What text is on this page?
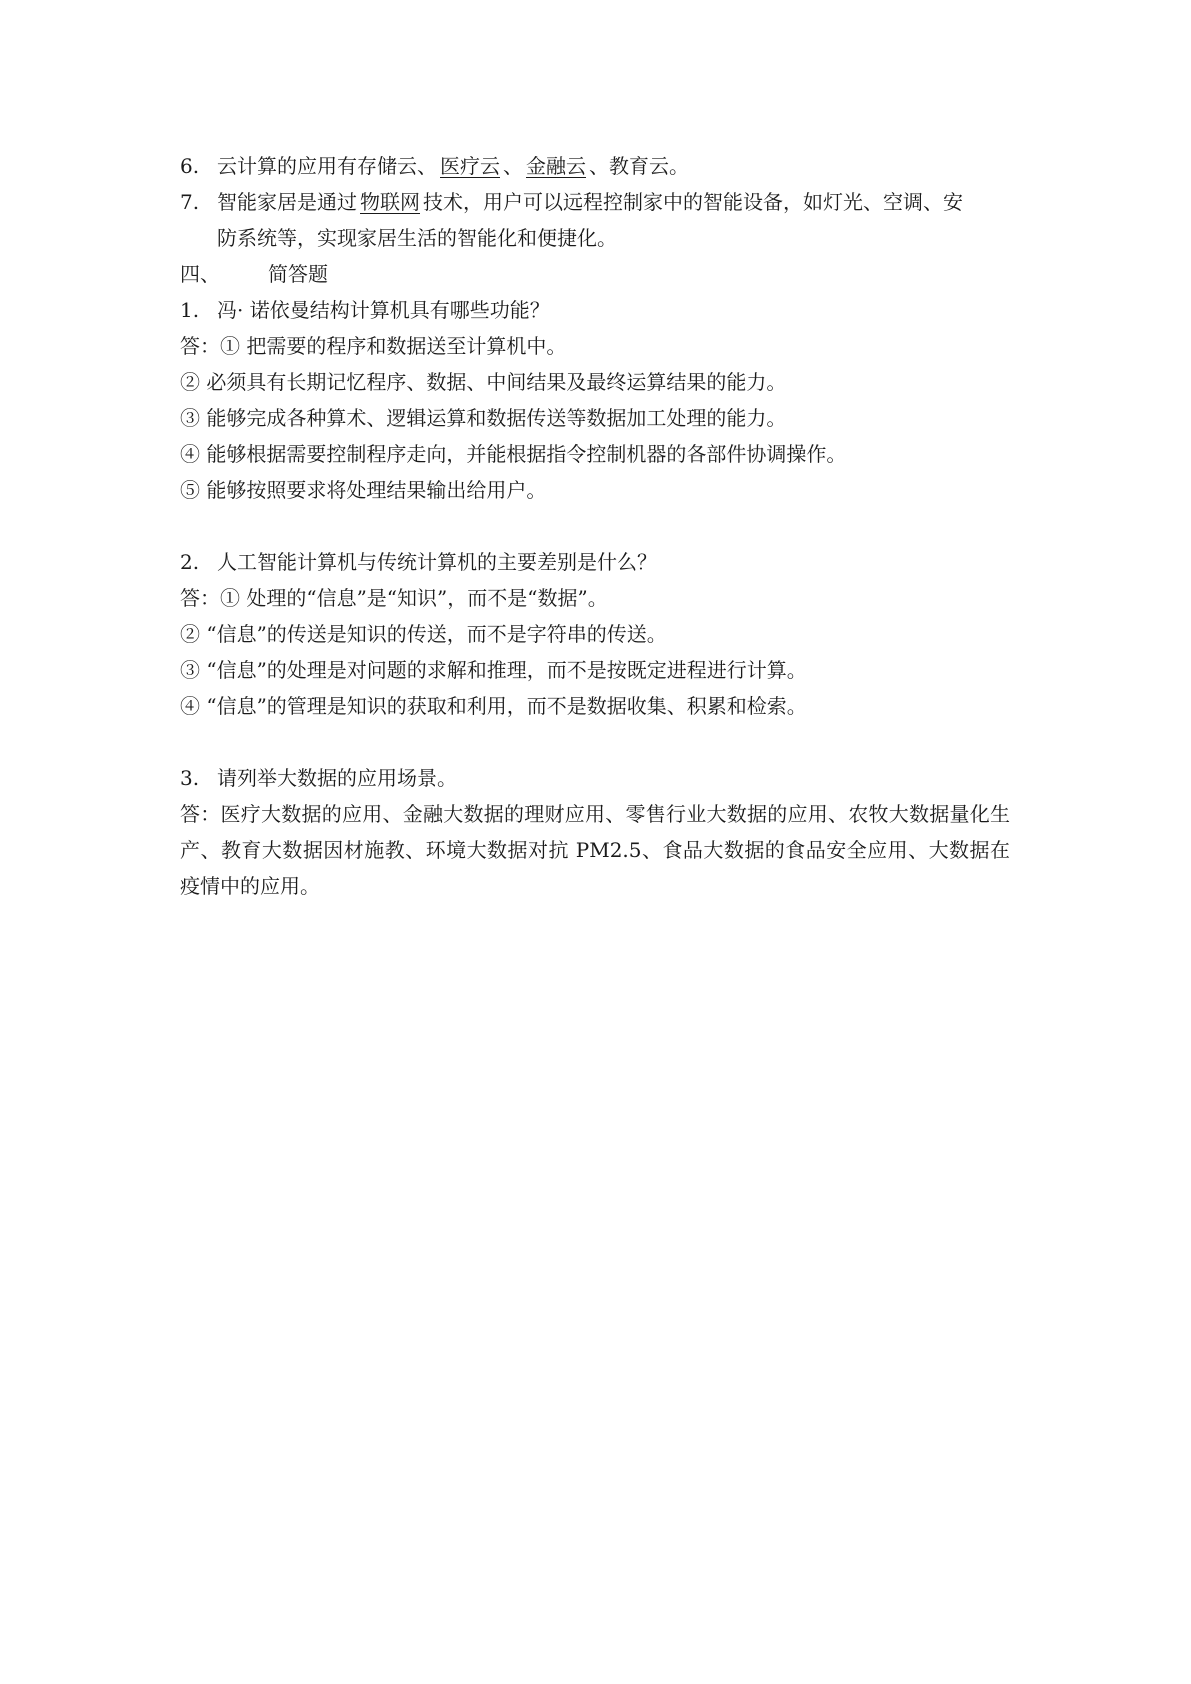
6. 云计算的应用有存储云、 医疗云 、 金融云 、教育云。
7. 智能家居是通过 物联网 技术，用户可以远程控制家中的智能设备，如灯光、空调、安
防系统等，实现家居生活的智能化和便捷化。
四、 简答题
1. 冯· 诺依曼结构计算机具有哪些功能？
答：① 把需要的程序和数据送至计算机中。
② 必须具有长期记忆程序、数据、中间结果及最终运算结果的能力。
③ 能够完成各种算术、逻辑运算和数据传送等数据加工处理的能力。
④ 能够根据需要控制程序走向，并能根据指令控制机器的各部件协调操作。
⑤ 能够按照要求将处理结果输出给用户。
2. 人工智能计算机与传统计算机的主要差别是什么？
答：① 处理的“信息”是“知识”，而不是“数据”。
② “信息”的传送是知识的传送，而不是字符串的传送。
③ “信息”的处理是对问题的求解和推理，而不是按既定进程进行计算。
④ “信息”的管理是知识的获取和利用，而不是数据收集、积累和检索。
3. 请列举大数据的应用场景。
答：医疗大数据的应用、金融大数据的理财应用、零售行业大数据的应用、农牧大数据量化生产、教育大数据因材施教、环境大数据对抗 PM2.5、食品大数据的食品安全应用、大数据在疫情中的应用。
